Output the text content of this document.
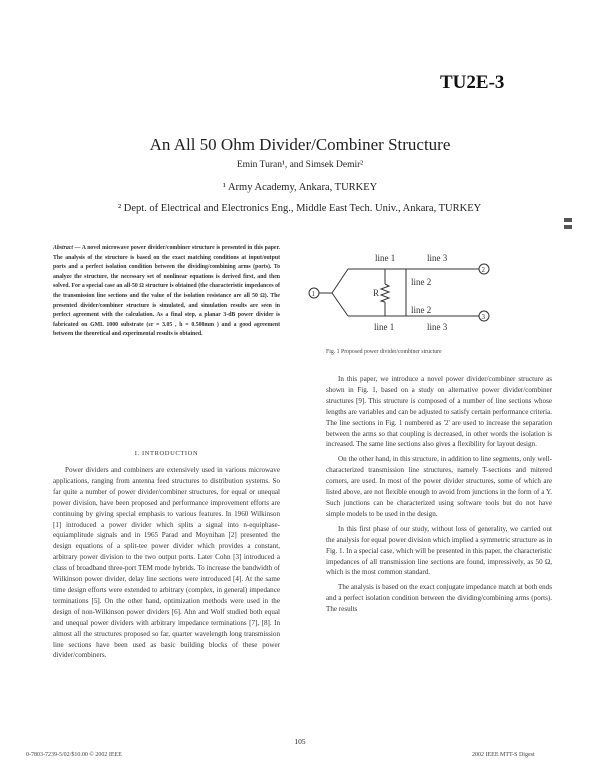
TU2E-3
An All 50 Ohm Divider/Combiner Structure
Emin Turan¹, and Simsek Demir²
¹ Army Academy, Ankara, TURKEY
² Dept. of Electrical and Electronics Eng., Middle East Tech. Univ., Ankara, TURKEY
Abstract — A novel microwave power divider/combiner structure is presented in this paper. The analysis of the structure is based on the exact matching conditions at input/output ports and a perfect isolation condition between the dividing/combining arms (ports). To analyze the structure, the necessary set of nonlinear equations is derived first, and then solved. For a special case an all-50 Ω structure is obtained (the characteristic impedances of the transmission line sections and the value of the isolation resistance are all 50 Ω). The presented divider/combiner structure is simulated, and simulation results are seen in perfect agreement with the calculation. As a final step, a planar 3-dB power divider is fabricated on GML 1000 substrate (εr = 3.05 , h = 0.508mm ) and a good agreement between the theoretical and experimental results is obtained.
I. INTRODUCTION

Power dividers and combiners are extensively used in various microwave applications, ranging from antenna feed structures to distribution systems. So far quite a number of power divider/combiner structures, for equal or unequal power division, have been proposed and performance improvement efforts are continuing by giving special emphasis to various features. In 1960 Wilkinson [1] introduced a power divider which splits a signal into n-equiphase-equiamplitude signals and in 1965 Parad and Moynihan [2] presented the design equations of a split-tee power divider which provides a constant, arbitrary power division to the two output ports. Later Cohn [3] introduced a class of broadband three-port TEM mode hybrids. To increase the bandwidth of Wilkinson power divider, delay line sections were introduced [4]. At the same time design efforts were extended to arbitrary (complex, in general) impedance terminations [5]. On the other hand, optimization methods were used in the design of non-Wilkinson power dividers [6]. Ahn and Wolf studied both equal and unequal power dividers with arbitrary impedance terminations [7], [8]. In almost all the structures proposed so far, quarter wavelength long transmission line sections have been used as basic building blocks of these power divider/combiners.

line 1	line 3
line 2
line 2
line 1	line 3
R
1
2
3
Fig. 1 Proposed power divider/combiner structure

In this paper, we introduce a novel power divider/combiner structure as shown in Fig. 1, based on a study on alternative power divider/combiner structures [9]. This structure is composed of a number of line sections whose lengths are variables and can be adjusted to satisfy certain performance criteria. The line sections in Fig. 1 numbered as '2' are used to increase the separation between the arms so that coupling is decreased, in other words the isolation is increased. The same line sections also gives a flexibility for layout design.

On the other hand, in this structure, in addition to line segments, only well-characterized transmission line structures, namely T-sections and mitered corners, are used. In most of the power divider structures, some of which are listed above, are not flexible enough to avoid from junctions in the form of a Y. Such junctions can be characterized using software tools but do not have simple models to be used in the design.

In this first phase of our study, without loss of generality, we carried out the analysis for equal power division which implied a symmetric structure as in Fig. 1. In a special case, which will be presented in this paper, the characteristic impedances of all transmission line sections are found, impressively, as 50 Ω, which is the most common standard.

The analysis is based on the exact conjugate impedance match at both ends and a perfect isolation condition between the dividing/combining arms (ports). The results

105
0-7803-7239-5/02/$10.00 © 2002 IEEE	2002 IEEE MTT-S Digest
